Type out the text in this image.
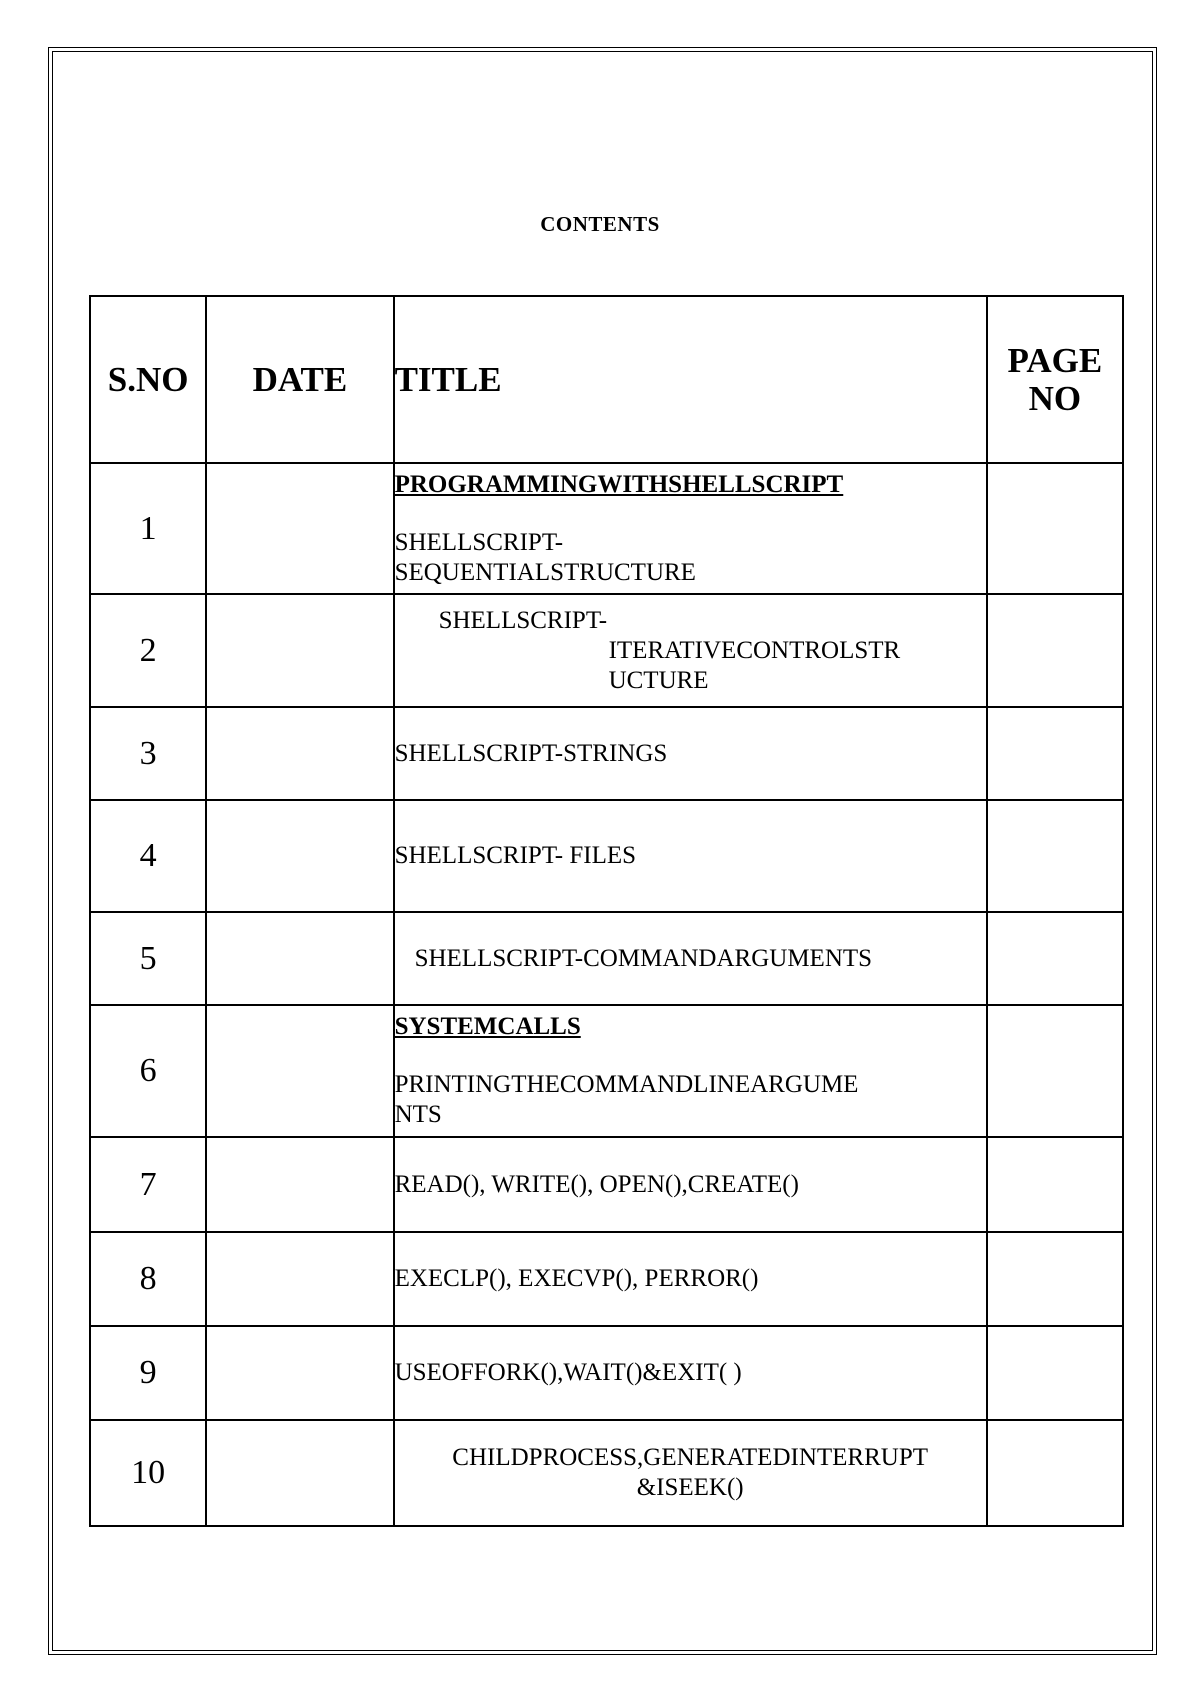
CONTENTS
S.NO	DATE	TITLE	PAGE
NO
1		PROGRAMMINGWITHSHELLSCRIPT
SHELLSCRIPT-
SEQUENTIALSTRUCTURE	

2		SHELLSCRIPT-
ITERATIVECONTROLSTR
UCTURE	

3		SHELLSCRIPT-STRINGS	
4		SHELLSCRIPT- FILES	
5		SHELLSCRIPT-COMMANDARGUMENTS	
6		SYSTEMCALLS
PRINTINGTHECOMMANDLINEARGUME
NTS	

7		READ(), WRITE(), OPEN(),CREATE()	
8		EXECLP(), EXECVP(), PERROR()	
9		USEOFFORK(),WAIT()&EXIT( )	
10		CHILDPROCESS,GENERATEDINTERRUPT
&ISEEK()	
